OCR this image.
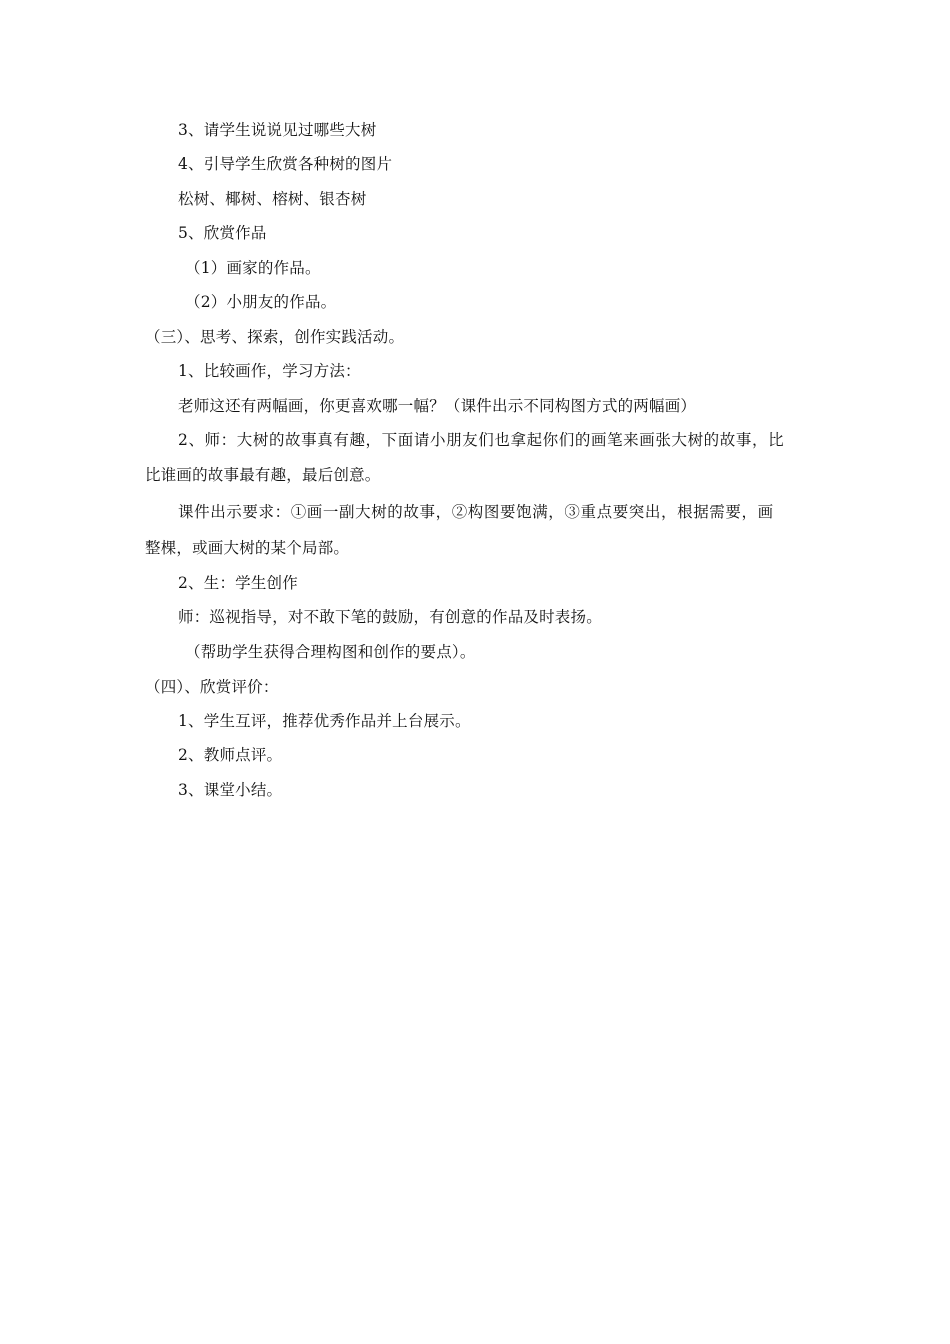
3、请学生说说见过哪些大树
4、引导学生欣赏各种树的图片
松树、椰树、榕树、银杏树
5、欣赏作品
（1）画家的作品。
（2）小朋友的作品。
（三）、思考、探索，创作实践活动。
1、比较画作，学习方法：
老师这还有两幅画，你更喜欢哪一幅？（课件出示不同构图方式的两幅画）
2、师：大树的故事真有趣，下面请小朋友们也拿起你们的画笔来画张大树的故事，比
比谁画的故事最有趣，最后创意。
课件出示要求：①画一副大树的故事，②构图要饱满，③重点要突出，根据需要，画
整棵，或画大树的某个局部。
2、生：学生创作
师：巡视指导，对不敢下笔的鼓励，有创意的作品及时表扬。
（帮助学生获得合理构图和创作的要点）。
（四）、欣赏评价：
1、学生互评，推荐优秀作品并上台展示。
2、教师点评。
3、课堂小结。
